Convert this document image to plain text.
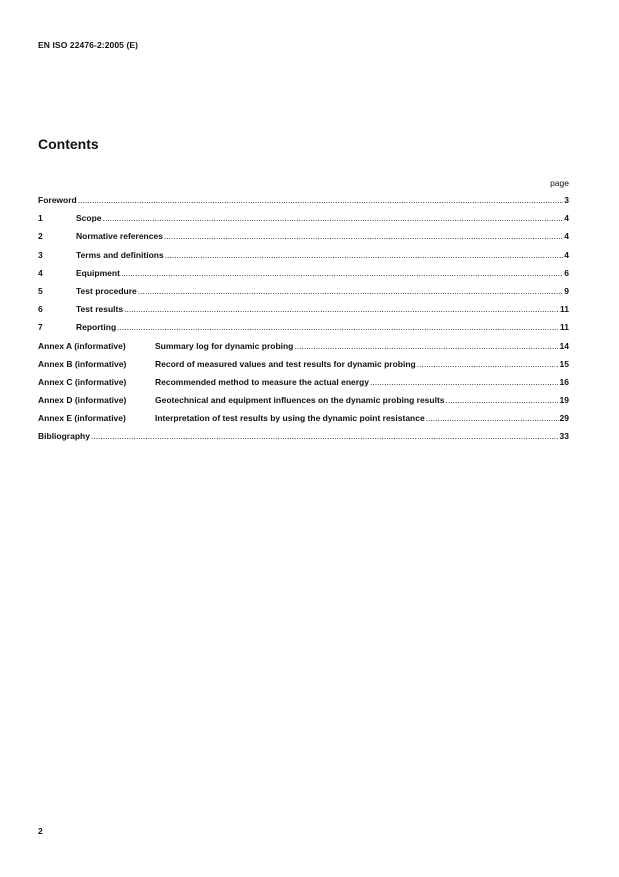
EN ISO 22476-2:2005 (E)
Contents
page
Foreword .....	3
1	Scope .....	4
2	Normative references .....	4
3	Terms and definitions .....	4
4	Equipment .....	6
5	Test procedure .....	9
6	Test results .....	11
7	Reporting .....	11
Annex A (informative)	Summary log for dynamic probing .....	14
Annex B (informative)	Record of measured values and test results for dynamic probing .....	15
Annex C (informative)	Recommended method to measure the actual energy .....	16
Annex D (informative)	Geotechnical and equipment influences on the dynamic probing results .....	19
Annex E (informative)	Interpretation of test results by using the dynamic point resistance .....	29
Bibliography .....	33
2
